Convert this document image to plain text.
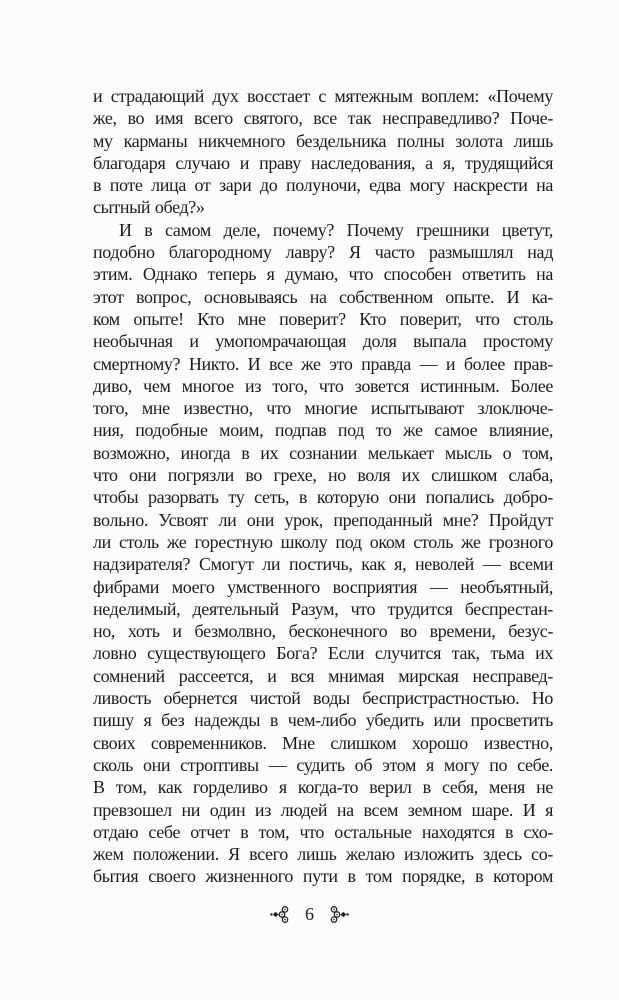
и страдающий дух восстает с мятежным воплем: «Почему
же, во имя всего святого, все так несправедливо? Поче-
му карманы никчемного бездельника полны золота лишь
благодаря случаю и праву наследования, а я, трудящийся
в поте лица от зари до полуночи, едва могу наскрести на
сытный обед?»
И в самом деле, почему? Почему грешники цветут,
подобно благородному лавру? Я часто размышлял над
этим. Однако теперь я думаю, что способен ответить на
этот вопрос, основываясь на собственном опыте. И ка-
ком опыте! Кто мне поверит? Кто поверит, что столь
необычная и умопомрачающая доля выпала простому
смертному? Никто. И все же это правда — и более прав-
диво, чем многое из того, что зовется истинным. Более
того, мне известно, что многие испытывают злоключе-
ния, подобные моим, подпав под то же самое влияние,
возможно, иногда в их сознании мелькает мысль о том,
что они погрязли во грехе, но воля их слишком слаба,
чтобы разорвать ту сеть, в которую они попались добро-
вольно. Усвоят ли они урок, преподанный мне? Пройдут
ли столь же горестную школу под оком столь же грозного
надзирателя? Смогут ли постичь, как я, неволей — всеми
фибрами моего умственного восприятия — необъятный,
неделимый, деятельный Разум, что трудится беспрестан-
но, хоть и безмолвно, бесконечного во времени, безус-
ловно существующего Бога? Если случится так, тьма их
сомнений рассеется, и вся мнимая мирская несправед-
ливость обернется чистой воды беспристрастностью. Но
пишу я без надежды в чем-либо убедить или просветить
своих современников. Мне слишком хорошо известно,
сколь они строптивы — судить об этом я могу по себе.
В том, как горделиво я когда-то верил в себя, меня не
превзошел ни один из людей на всем земном шаре. И я
отдаю себе отчет в том, что остальные находятся в схо-
жем положении. Я всего лишь желаю изложить здесь со-
бытия своего жизненного пути в том порядке, в котором
6
